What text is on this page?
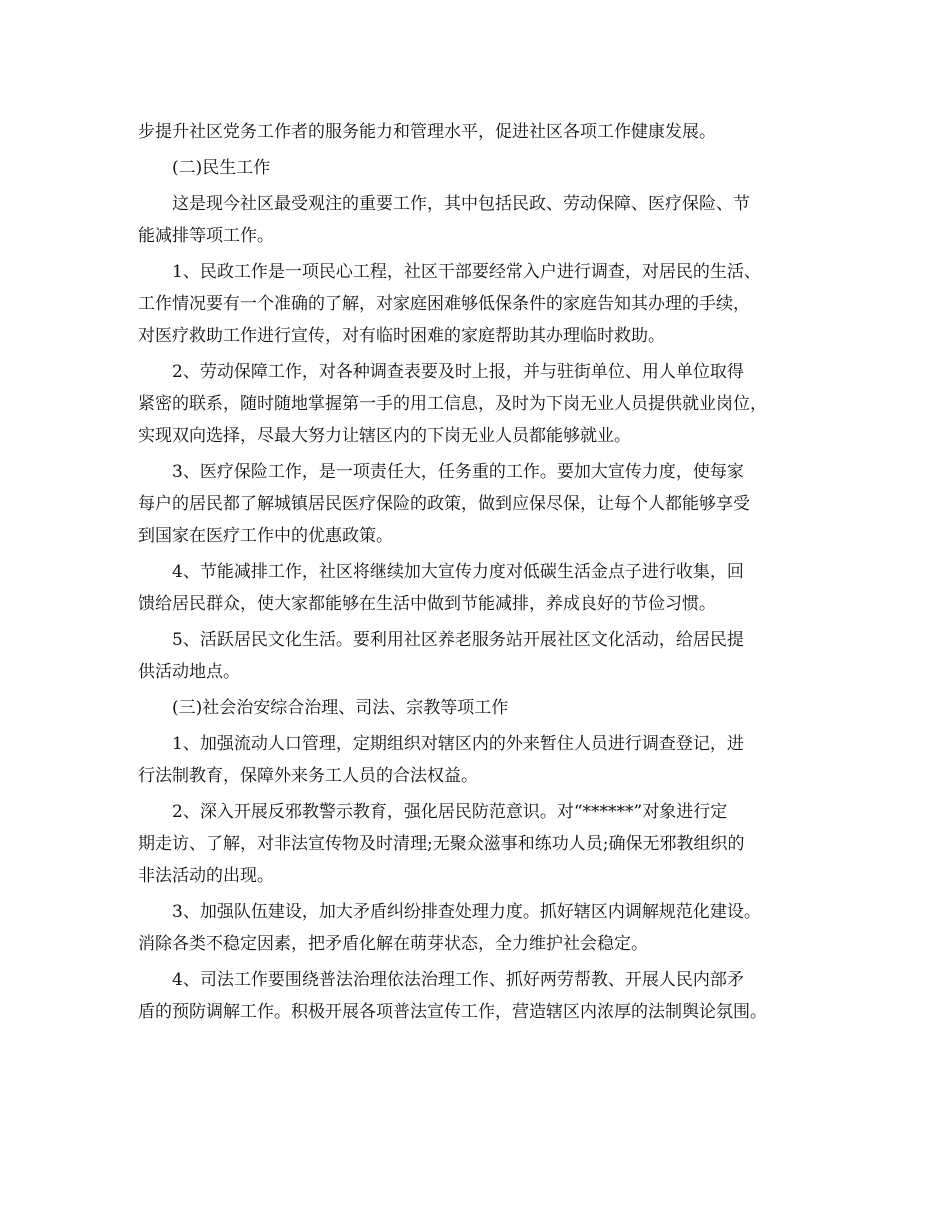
步提升社区党务工作者的服务能力和管理水平，促进社区各项工作健康发展。
(二)民生工作
这是现今社区最受观注的重要工作，其中包括民政、劳动保障、医疗保险、节
能减排等项工作。
1、民政工作是一项民心工程，社区干部要经常入户进行调查，对居民的生活、
工作情况要有一个准确的了解，对家庭困难够低保条件的家庭告知其办理的手续，
对医疗救助工作进行宣传，对有临时困难的家庭帮助其办理临时救助。
2、劳动保障工作，对各种调查表要及时上报，并与驻街单位、用人单位取得
紧密的联系，随时随地掌握第一手的用工信息，及时为下岗无业人员提供就业岗位，
实现双向选择，尽最大努力让辖区内的下岗无业人员都能够就业。
3、医疗保险工作，是一项责任大，任务重的工作。要加大宣传力度，使每家
每户的居民都了解城镇居民医疗保险的政策，做到应保尽保，让每个人都能够享受
到国家在医疗工作中的优惠政策。
4、节能减排工作，社区将继续加大宣传力度对低碳生活金点子进行收集，回
馈给居民群众，使大家都能够在生活中做到节能减排，养成良好的节俭习惯。
5、活跃居民文化生活。要利用社区养老服务站开展社区文化活动，给居民提
供活动地点。
(三)社会治安综合治理、司法、宗教等项工作
1、加强流动人口管理，定期组织对辖区内的外来暂住人员进行调查登记，进
行法制教育，保障外来务工人员的合法权益。
2、深入开展反邪教警示教育，强化居民防范意识。对“******”对象进行定
期走访、了解，对非法宣传物及时清理;无聚众滋事和练功人员;确保无邪教组织的
非法活动的出现。
3、加强队伍建设，加大矛盾纠纷排查处理力度。抓好辖区内调解规范化建设。
消除各类不稳定因素，把矛盾化解在萌芽状态，全力维护社会稳定。
4、司法工作要围绕普法治理依法治理工作、抓好两劳帮教、开展人民内部矛
盾的预防调解工作。积极开展各项普法宣传工作，营造辖区内浓厚的法制舆论氛围。
